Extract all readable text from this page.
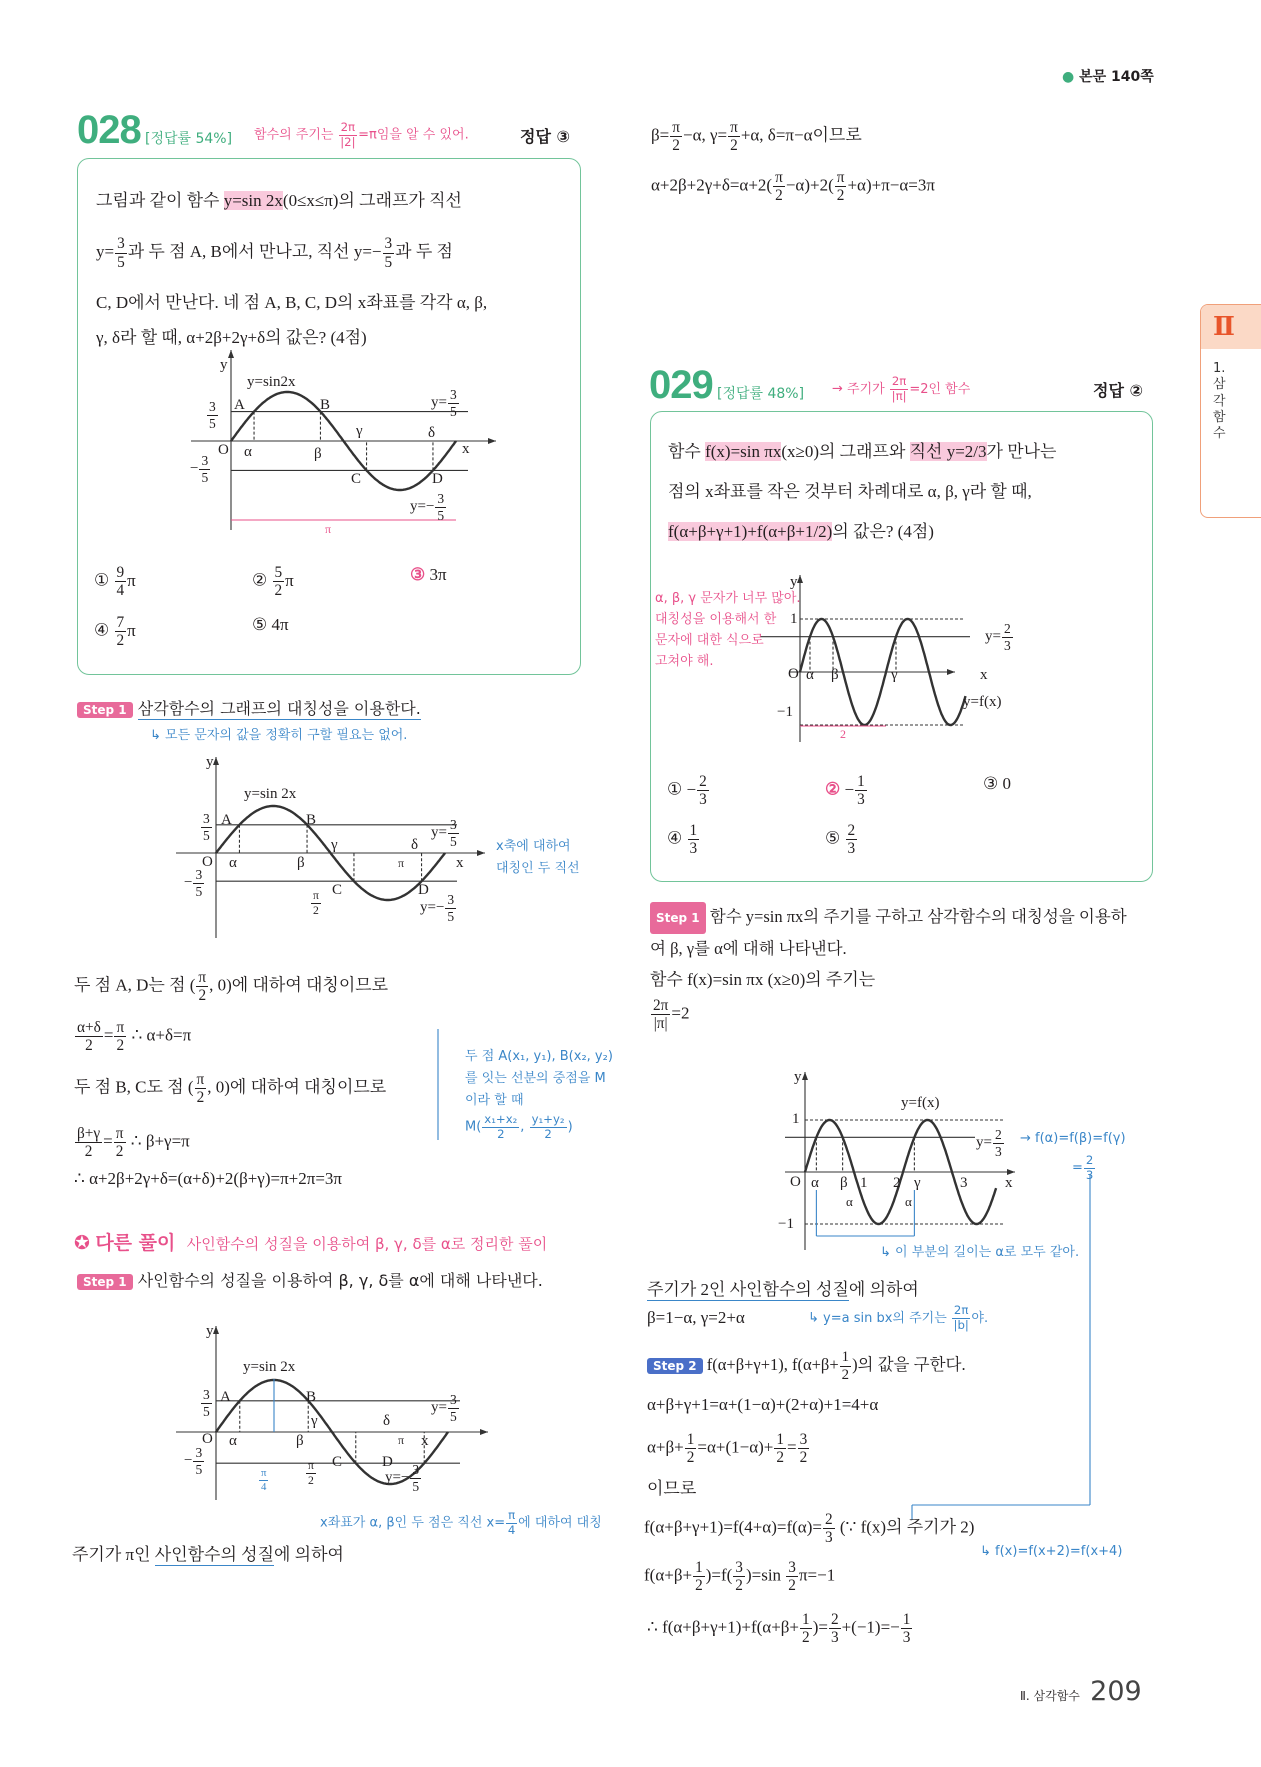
● 본문 140쪽
Ⅱ
1.삼각함수
028 [정답률 54%] 함수의 주기는 $\frac{2\pi}{|2|} =\pi$임을 알 수 있어.	정답 ③
그림과 같이 함수 y=sin 2x(0≤x≤π)의 그래프가 직선
$y= \frac{3}{5}$ 과 두 점 A, B에서 만나고, 직선 $y=- \frac{3}{5}$ 과 두 점
C, D에서 만난다. 네 점 A, B, C, D의 x좌표를 각각 α, β,
γ, δ라 할 때, α+2β+2γ+δ의 값은? (4점)
y
y=sin2x
$\frac{3}{5}$ A	B	$y= \frac{3}{5}$
O α	β
γ	δ
x
− $\frac{3}{5}$	C	D
$y=- \frac{3}{5}$
π
① $\frac{9}{4}$ π	② $\frac{5}{2}$ π	③ 3π
④ $\frac{7}{2}$ π	⑤ 4π
Step 1 삼각함수의 그래프의 대칭성을 이용한다.
↳ 모든 문자의 값을 정확히 구할 필요는 없어.
y
y=sin 2x
$\frac{3}{5}$ A	B
$y= \frac{3}{5}$
O α	β
γ	δ
π	x
− $\frac{3}{5}$
$\frac{\pi}{2}$ C	D
$y=- \frac{3}{5}$
x축에 대하여
대칭인 두 직선
두 점 A, D는 점 ( $\frac{\pi}{2}$ , 0)에 대하여 대칭이므로
$\frac{\alpha+\delta}{2} = \frac{\pi}{2}$ ∴ α+δ=π
두 점 B, C도 점 ( $\frac{\pi}{2}$ , 0)에 대하여 대칭이므로
$\frac{\beta+\gamma}{2} = \frac{\pi}{2}$ ∴ β+γ=π
∴ α+2β+2γ+δ=(α+δ)+2(β+γ)=π+2π=3π
두 점 A(x₁, y₁), B(x₂, y₂)
를 잇는 선분의 중점을 M
이라 할 때
$M( \frac{\text{x₁+x₂}}{2}$ , $\frac{\text{y₁+y₂}}{2}$ )
✪ 다른 풀이 사인함수의 성질을 이용하여 β, γ, δ를 α로 정리한 풀이
Step 1 사인함수의 성질을 이용하여 β, γ, δ를 α에 대해 나타낸다.
y
y=sin 2x
$\frac{3}{5}$ A	B
$y= \frac{3}{5}$
O α	β
γ	δ
π x
− $\frac{3}{5}$
$\frac{\pi}{4}$	$\frac{\pi}{2}$ C	D
$y=- \frac{3}{5}$
x좌표가 α, β인 두 점은 직선 $x= \frac{\pi}{4}$ 에 대하여 대칭
주기가 π인 사인함수의 성질에 의하여
$\beta= \frac{\pi}{2} -\alpha$, $\gamma= \frac{\pi}{2} +\alpha$, δ=π−α이므로
$\alpha+2\beta+2\gamma+\delta=\alpha+2( \frac{\pi}{2} -\alpha)+2( \frac{\pi}{2} +\alpha)+\pi-\alpha=3\pi$
029 [정답률 48%] → 주기가 $\frac{2\pi}{|\pi|} =2$인 함수	정답 ②
함수 f(x)=sin πx(x≥0)의 그래프와 직선 y=2/3가 만나는
점의 x좌표를 작은 것부터 차례대로 α, β, γ라 할 때,
f(α+β+γ+1)+f(α+β+1/2)의 값은? (4점)
α, β, γ 문자가 너무 많아.
대칭성을 이용해서 한
문자에 대한 식으로
고쳐야 해.
y
1
$y= \frac{2}{3}$
O α β	γ	x
y=f(x)
−1
2
① − $\frac{2}{3}$	② − $\frac{1}{3}$	③ 0
④ $\frac{1}{3}$	⑤ $\frac{2}{3}$
Step 1 함수 y=sin πx의 주기를 구하고 삼각함수의 대칭성을 이용하
여 β, γ를 α에 대해 나타낸다.
함수 f(x)=sin πx (x≥0)의 주기는
$\frac{2\pi}{|\pi|} =2$
y
y=f(x)
1
$y= \frac{2}{3} \to f(\alpha)=f(\beta)=f(\gamma)$
= $\frac{2}{3}$
O α β 1 2 γ	3	x
α	α
−1
↳ 이 부분의 길이는 α로 모두 같아.
주기가 2인 사인함수의 성질에 의하여
β=1−α, γ=2+α	↳ y=a sin bx의 주기는 $\frac{2\pi}{|b|}$ 야.
Step 2 f(α+β+γ+1), $f(\alpha+\beta+ \frac{1}{2}$ )의 값을 구한다.
α+β+γ+1=α+(1−α)+(2+α)+1=4+α
$\alpha+\beta+ \frac{1}{2} =\alpha+(1-\alpha)+ \frac{1}{2} = \frac{3}{2}$
이므로
$f(\alpha+\beta+\gamma+1)=f(4+\alpha)=f(\alpha)= \frac{2}{3}$ (∵ f(x)의 주기가 2)
↳ f(x)=f(x+2)=f(x+4)
$f(\alpha+\beta+ \frac{1}{2} )=f( \frac{3}{2} )=\sin \frac{3}{2} \pi=-1$
∴ $f(\alpha+\beta+\gamma+1)+f(\alpha+\beta+ \frac{1}{2}$ )= $\frac{2}{3} +(-1)=- \frac{1}{3}$
Ⅱ. 삼각함수 209
